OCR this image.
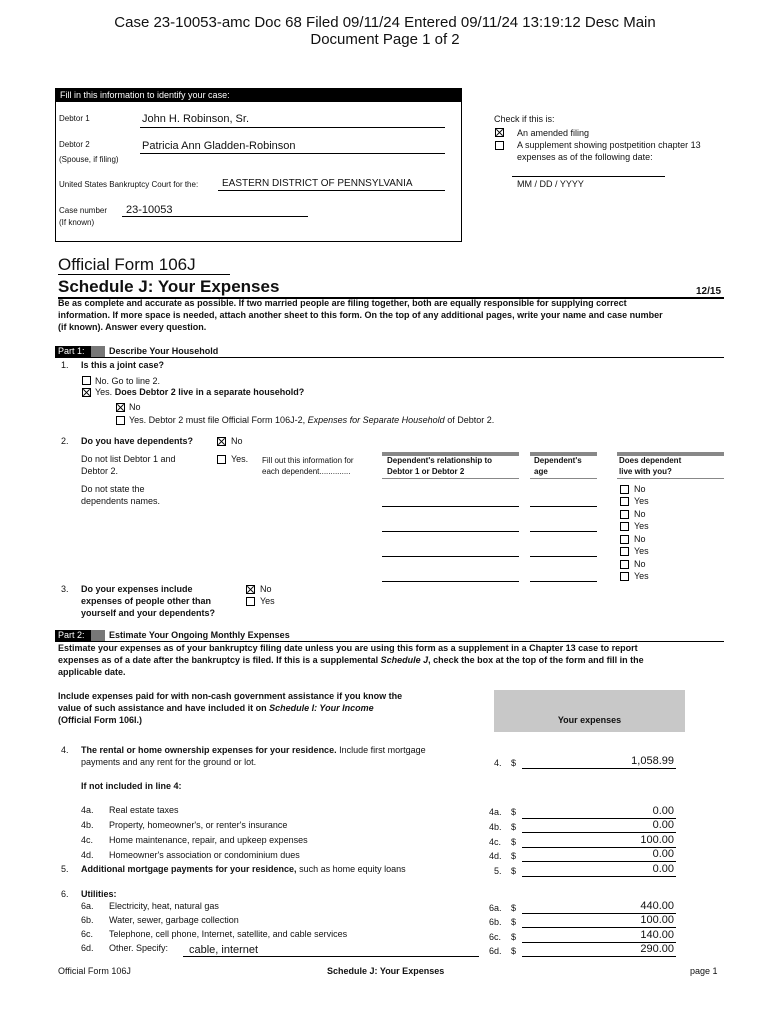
Case 23-10053-amc Doc 68 Filed 09/11/24 Entered 09/11/24 13:19:12 Desc Main
Document Page 1 of 2
Fill in this information to identify your case:
Debtor 1	John H. Robinson, Sr.
Debtor 2
(Spouse, if filing)
Patricia Ann Gladden-Robinson
United States Bankruptcy Court for the: EASTERN DISTRICT OF PENNSYLVANIA
Case number
(If known)
23-10053
Check if this is:
An amended filing
A supplement showing postpetition chapter 13
expenses as of the following date:
MM / DD / YYYY
Official Form 106J
Schedule J: Your Expenses	12/15
Be as complete and accurate as possible. If two married people are filing together, both are equally responsible for supplying correct
information. If more space is needed, attach another sheet to this form. On the top of any additional pages, write your name and case number
(if known). Answer every question.
Part 1:	Describe Your Household
1. Is this a joint case?
No. Go to line 2.
Yes. Does Debtor 2 live in a separate household?
No
Yes. Debtor 2 must file Official Form 106J-2, Expenses for Separate Household of Debtor 2.
2. Do you have dependents?	No
Do not list Debtor 1 and
Debtor 2.
Yes. Fill out this information for
each dependent..............
Do not state the
dependents names.
Dependent's relationship to
Debtor 1 or Debtor 2
Dependent's
age
Does dependent
live with you?
No
Yes
No
Yes
No
Yes
No
Yes
3. Do your expenses include
expenses of people other than
yourself and your dependents?
No
Yes
Part 2:	Estimate Your Ongoing Monthly Expenses
Estimate your expenses as of your bankruptcy filing date unless you are using this form as a supplement in a Chapter 13 case to report
expenses as of a date after the bankruptcy is filed. If this is a supplemental Schedule J, check the box at the top of the form and fill in the
applicable date.
Include expenses paid for with non-cash government assistance if you know the
value of such assistance and have included it on Schedule I: Your Income
(Official Form 106I.)	Your expenses
4. The rental or home ownership expenses for your residence. Include first mortgage
payments and any rent for the ground or lot.	4. $	1,058.99
If not included in line 4:
4a. Real estate taxes	4a. $	0.00
4b. Property, homeowner's, or renter's insurance	4b. $	0.00
4c. Home maintenance, repair, and upkeep expenses	4c. $	100.00
4d. Homeowner's association or condominium dues	4d. $	0.00
5. Additional mortgage payments for your residence, such as home equity loans	5. $	0.00
6. Utilities:
6a. Electricity, heat, natural gas	6a. $	440.00
6b. Water, sewer, garbage collection	6b. $	100.00
6c. Telephone, cell phone, Internet, satellite, and cable services	6c. $	140.00
6d. Other. Specify: cable, internet	6d. $	290.00
Official Form 106J	Schedule J: Your Expenses	page 1
